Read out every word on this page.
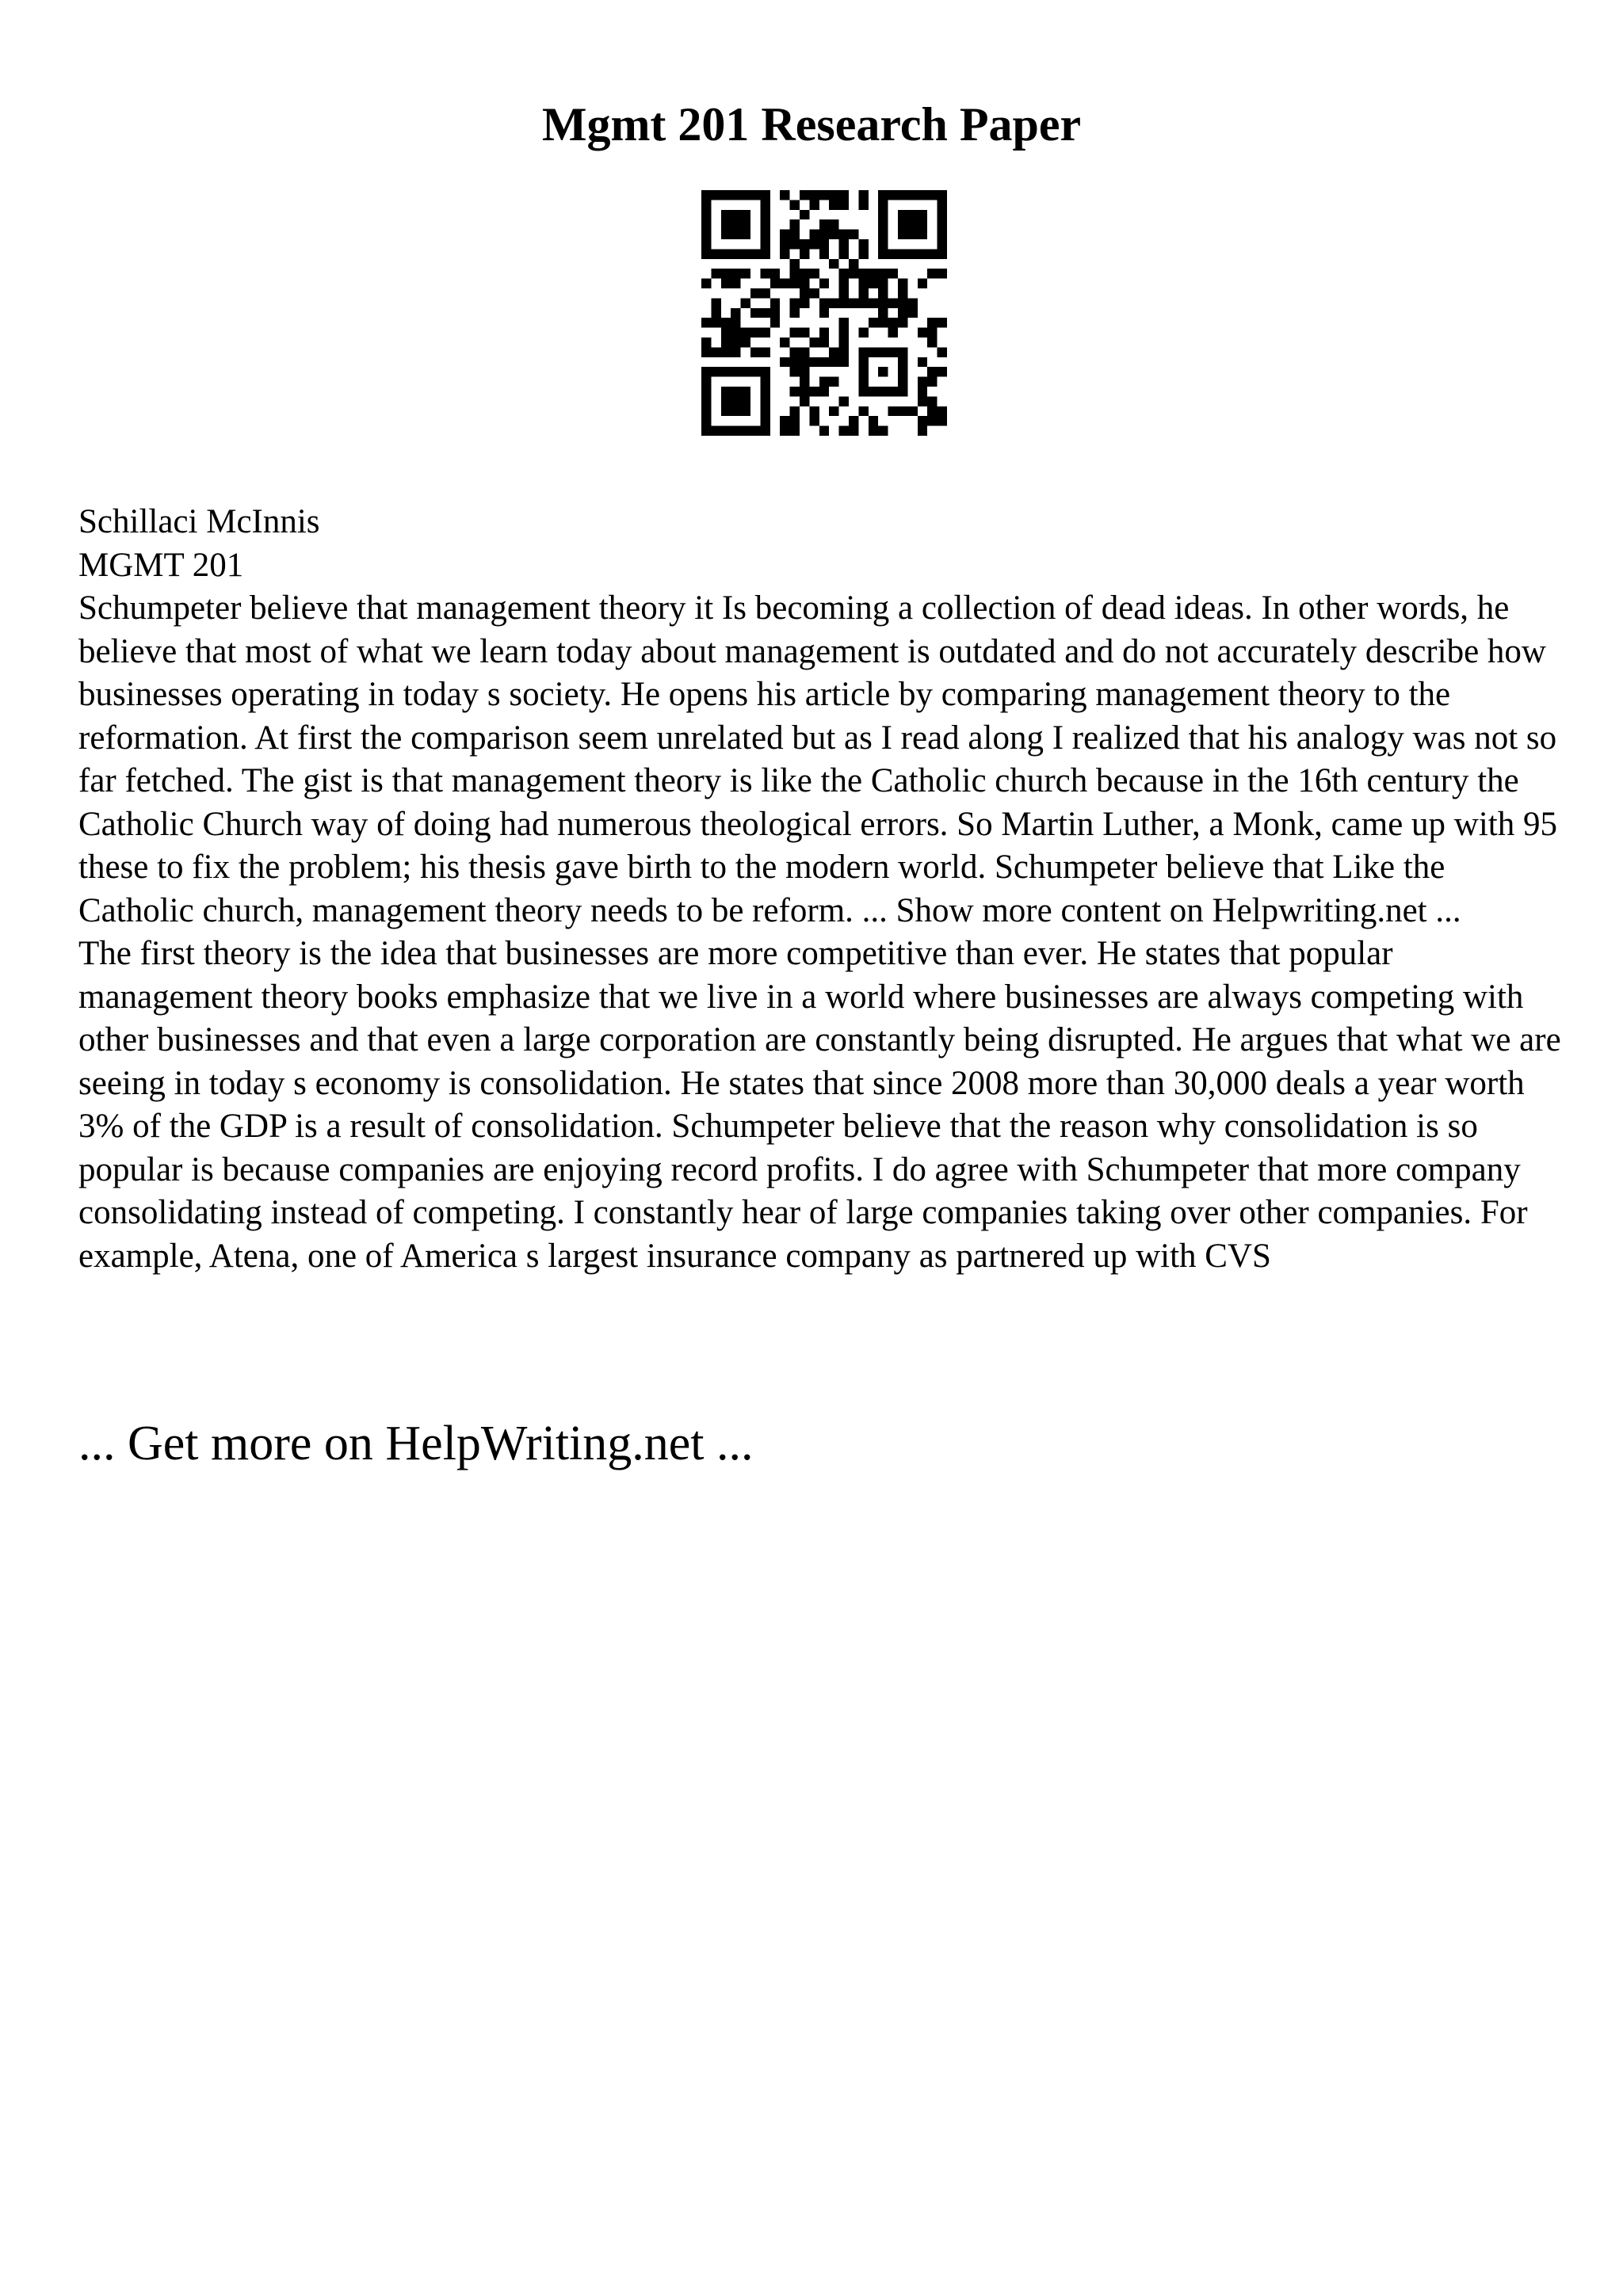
Mgmt 201 Research Paper

Schillaci McInnis

MGMT 201

Schumpeter believe that management theory it Is becoming a collection of dead ideas. In other words, he believe that most of what we learn today about management is outdated and do not accurately describe how businesses operating in today s society. He opens his article by comparing management theory to the reformation. At first the comparison seem unrelated but as I read along I realized that his analogy was not so far fetched. The gist is that management theory is like the Catholic church because in the 16th century the Catholic Church way of doing had numerous theological errors. So Martin Luther, a Monk, came up with 95 these to fix the problem; his thesis gave birth to the modern world. Schumpeter believe that Like the Catholic church, management theory needs to be reform. ... Show more content on Helpwriting.net ...

The first theory is the idea that businesses are more competitive than ever. He states that popular management theory books emphasize that we live in a world where businesses are always competing with other businesses and that even a large corporation are constantly being disrupted. He argues that what we are seeing in today s economy is consolidation. He states that since 2008 more than 30,000 deals a year worth 3% of the GDP is a result of consolidation. Schumpeter believe that the reason why consolidation is so popular is because companies are enjoying record profits. I do agree with Schumpeter that more company consolidating instead of competing. I constantly hear of large companies taking over other companies. For example, Atena, one of America s largest insurance company as partnered up with CVS

... Get more on HelpWriting.net ...
